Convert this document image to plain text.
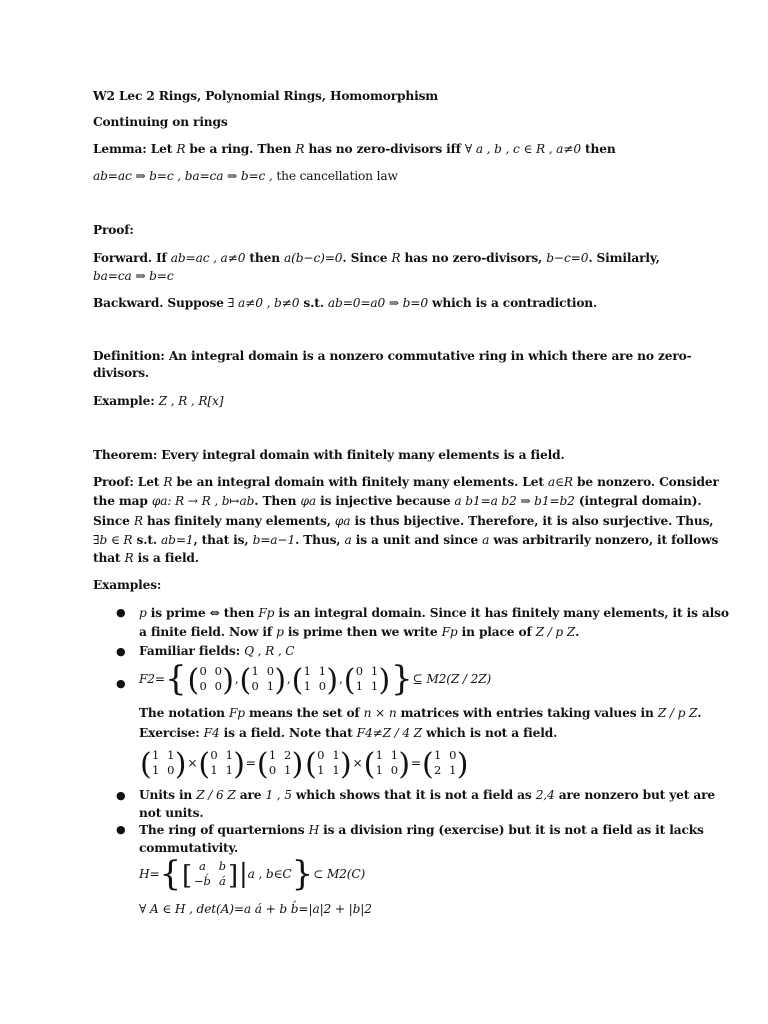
W2 Lec 2 Rings, Polynomial Rings, Homomorphism
Continuing on rings
Lemma: Let R be a ring. Then R has no zero-divisors iff ∀ a , b , c ∈ R , a≠0 then
ab=ac ⇒ b=c , ba=ca ⇒ b=c , the cancellation law
Proof:
Forward. If ab=ac , a≠0 then a(b−c)=0. Since R has no zero-divisors, b−c=0. Similarly,
ba=ca ⇒ b=c
Backward. Suppose ∃ a≠0 , b≠0 s.t. ab=0=a0 ⇒ b=0 which is a contradiction.
Definition: An integral domain is a nonzero commutative ring in which there are no zero-
divisors.
Example: Z , R , R[x]
Theorem: Every integral domain with finitely many elements is a field.
Proof: Let R be an integral domain with finitely many elements. Let a∈R be nonzero. Consider
the map φa: R → R , b↦ab. Then φa is injective because a b1=a b2 ⇒ b1=b2 (integral domain).
Since R has finitely many elements, φa is thus bijective. Therefore, it is also surjective. Thus,
∃b ∈ R s.t. ab=1, that is, b=a−1. Thus, a is a unit and since a was arbitrarily nonzero, it follows
that R is a field.
Examples:
● p is prime ⇔ then Fp is an integral domain. Since it has finitely many elements, it is also
a finite field. Now if p is prime then we write Fp in place of Z / p Z.
● Familiar fields: Q , R , C
● F2= { ( 0	0
0	0 ) , ( 1	0
0	1 ) , ( 1	1
1	0 ) , ( 0	1
1	1 ) } ⊆ M2(Z / 2Z)
The notation Fp means the set of n × n matrices with entries taking values in Z / p Z.
Exercise: F4 is a field. Note that F4≠Z / 4 Z which is not a field.
( 1	1
1	0 ) × ( 0	1
1	1 ) = ( 1	2
0	1 ) ( 0	1
1	1 ) × ( 1	1
1	0 ) = ( 1	0
2	1 )
● Units in Z / 6 Z are 1 , 5 which shows that it is not a field as 2,4 are nonzero but yet are
not units.
● The ring of quarternions H is a division ring (exercise) but it is not a field as it lacks
commutativity.
H= { [ a	b
−b́	á ] | a , b∈C } ⊂ M2(C)
∀ A ∈ H , det(A)=a á + b b́=|a|2 + |b|2
